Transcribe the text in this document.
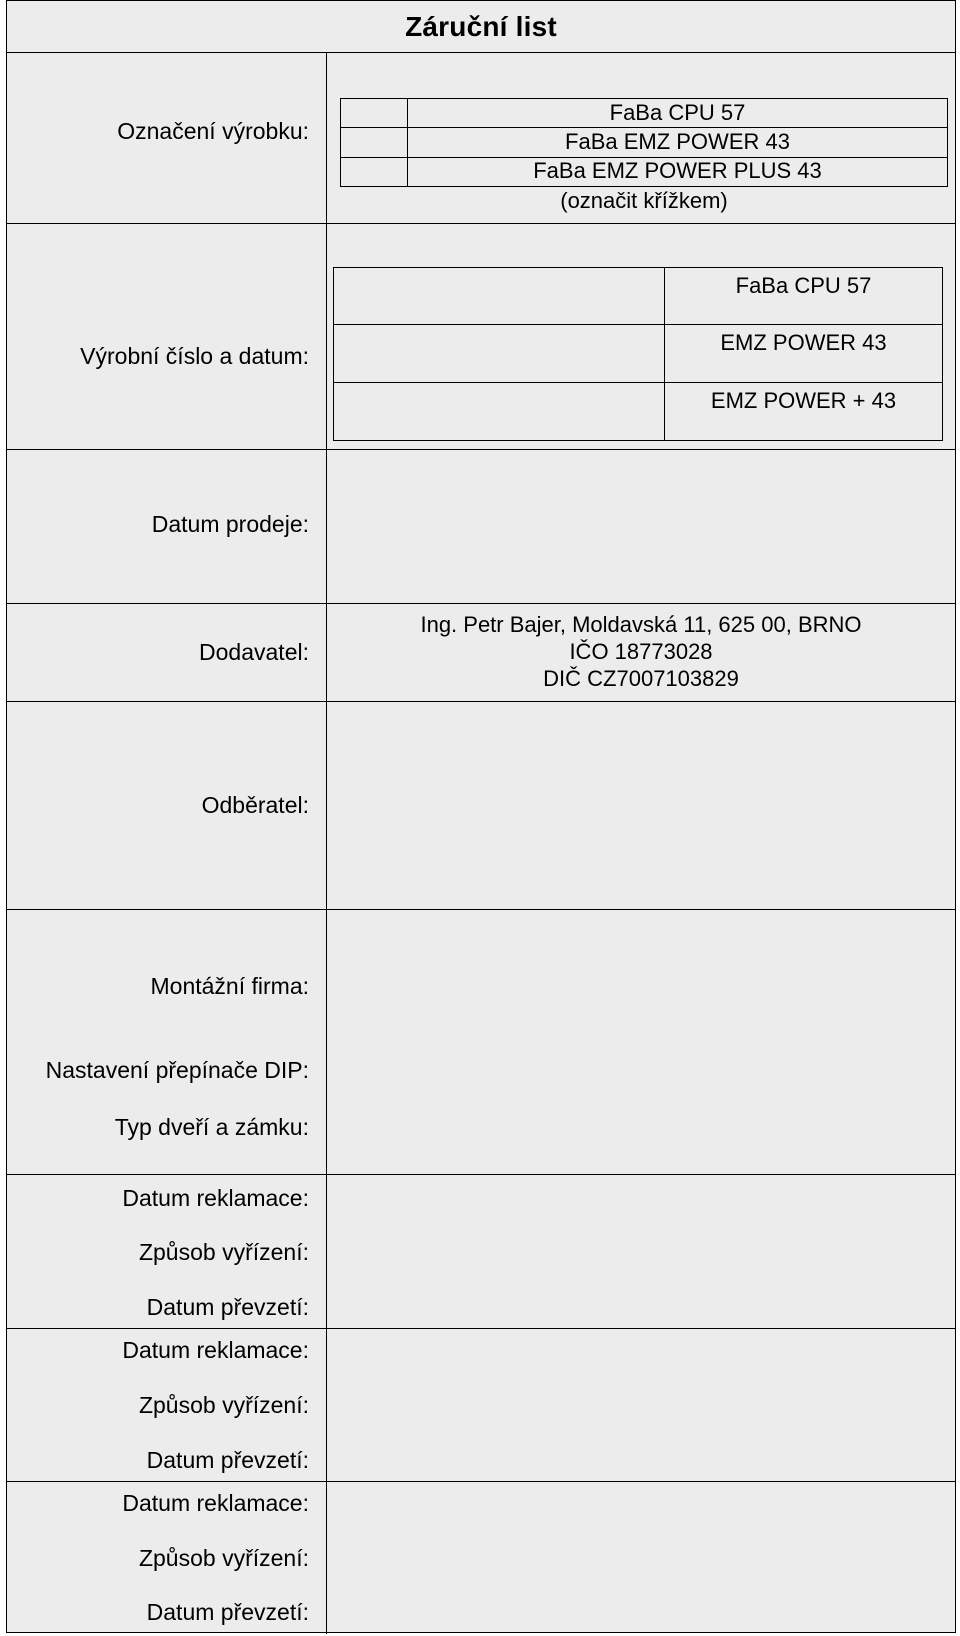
Záruční list
Označení výrobku:
FaBa CPU 57
FaBa EMZ POWER 43
FaBa EMZ POWER PLUS 43
(označit křížkem)
Výrobní číslo a datum:
FaBa CPU 57
EMZ POWER 43
EMZ POWER + 43
Datum prodeje:
Dodavatel:
Ing. Petr Bajer, Moldavská 11, 625 00, BRNO
IČO 18773028
DIČ CZ7007103829
Odběratel:
Montážní firma:
Nastavení přepínače DIP:
Typ dveří a zámku:
Datum reklamace:
Způsob vyřízení:
Datum převzetí:
Datum reklamace:
Způsob vyřízení:
Datum převzetí:
Datum reklamace:
Způsob vyřízení:
Datum převzetí:
